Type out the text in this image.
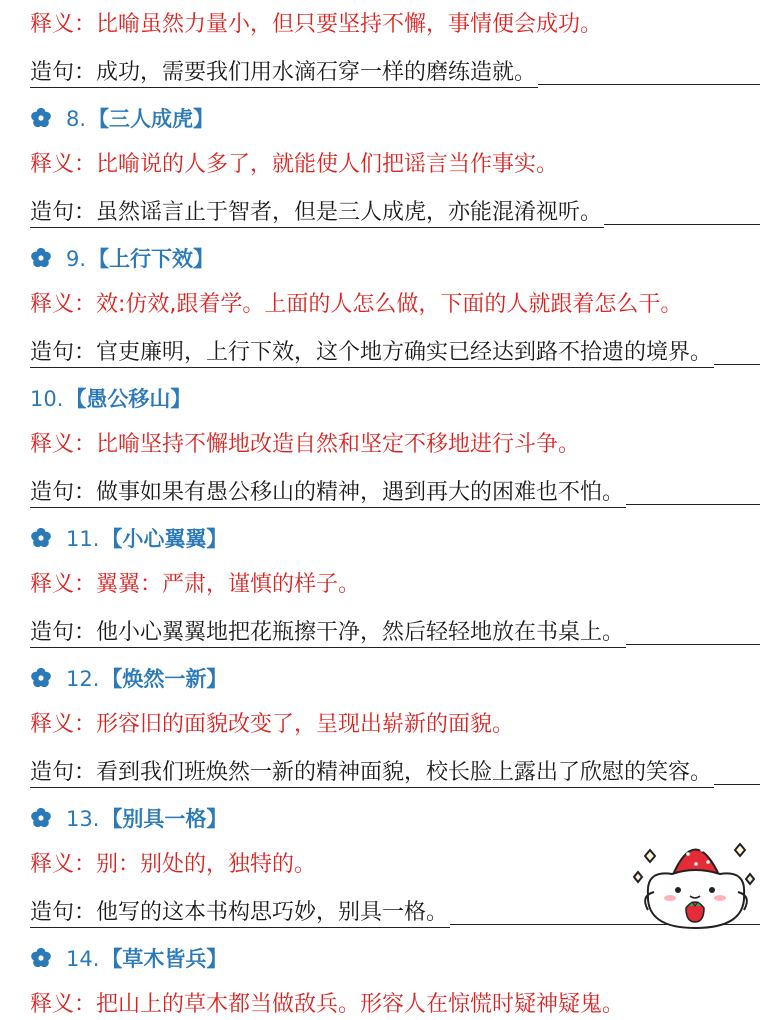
释义：比喻虽然力量小，但只要坚持不懈，事情便会成功。
造句：成功，需要我们用水滴石穿一样的磨练造就。
8.【三人成虎】
释义：比喻说的人多了，就能使人们把谣言当作事实。
造句：虽然谣言止于智者，但是三人成虎，亦能混淆视听。
9.【上行下效】
释义：效:仿效,跟着学。上面的人怎么做，下面的人就跟着怎么干。
造句：官吏廉明，上行下效，这个地方确实已经达到路不拾遗的境界。
10.【愚公移山】
释义：比喻坚持不懈地改造自然和坚定不移地进行斗争。
造句：做事如果有愚公移山的精神，遇到再大的困难也不怕。
11.【小心翼翼】
释义：翼翼：严肃，谨慎的样子。
造句：他小心翼翼地把花瓶擦干净，然后轻轻地放在书桌上。
12.【焕然一新】
释义：形容旧的面貌改变了，呈现出崭新的面貌。
造句：看到我们班焕然一新的精神面貌，校长脸上露出了欣慰的笑容。
13.【别具一格】
释义：别：别处的，独特的。
造句：他写的这本书构思巧妙，别具一格。
14.【草木皆兵】
释义：把山上的草木都当做敌兵。形容人在惊慌时疑神疑鬼。
